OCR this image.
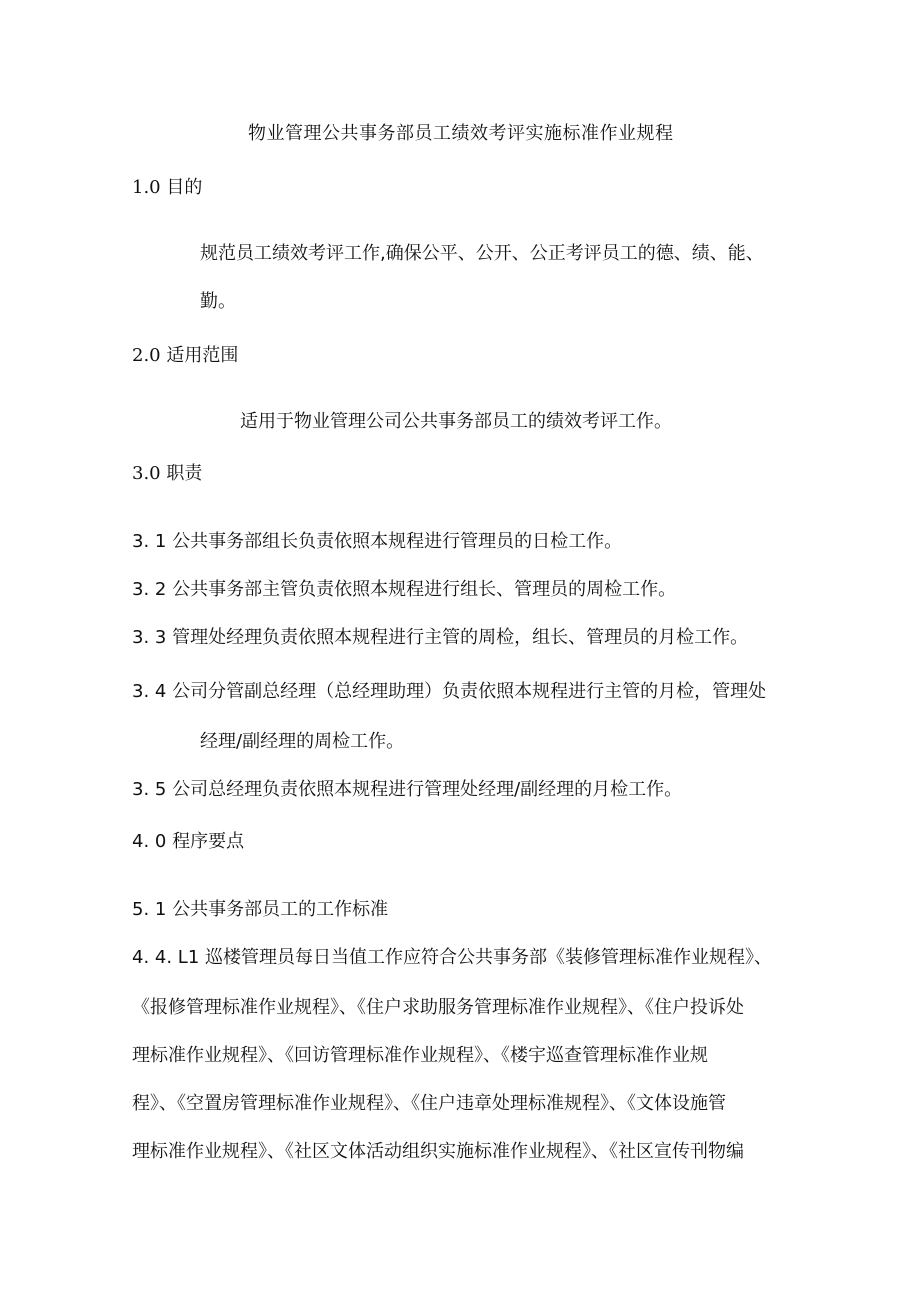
物业管理公共事务部员工绩效考评实施标准作业规程
1.0 目的
规范员工绩效考评工作,确保公平、公开、公正考评员工的德、绩、能、
勤。
2.0 适用范围
适用于物业管理公司公共事务部员工的绩效考评工作。
3.0 职责
3. 1 公共事务部组长负责依照本规程进行管理员的日检工作。
3. 2 公共事务部主管负责依照本规程进行组长、管理员的周检工作。
3. 3 管理处经理负责依照本规程进行主管的周检，组长、管理员的月检工作。
3. 4 公司分管副总经理（总经理助理）负责依照本规程进行主管的月检，管理处
经理/副经理的周检工作。
3. 5 公司总经理负责依照本规程进行管理处经理/副经理的月检工作。
4. 0 程序要点
5. 1 公共事务部员工的工作标准
4. 4. L1 巡楼管理员每日当值工作应符合公共事务部《装修管理标准作业规程》、
《报修管理标准作业规程》、《住户求助服务管理标准作业规程》、《住户投诉处
理标准作业规程》、《回访管理标准作业规程》、《楼宇巡查管理标准作业规
程》、《空置房管理标准作业规程》、《住户违章处理标准规程》、《文体设施管
理标准作业规程》、《社区文体活动组织实施标准作业规程》、《社区宣传刊物编
